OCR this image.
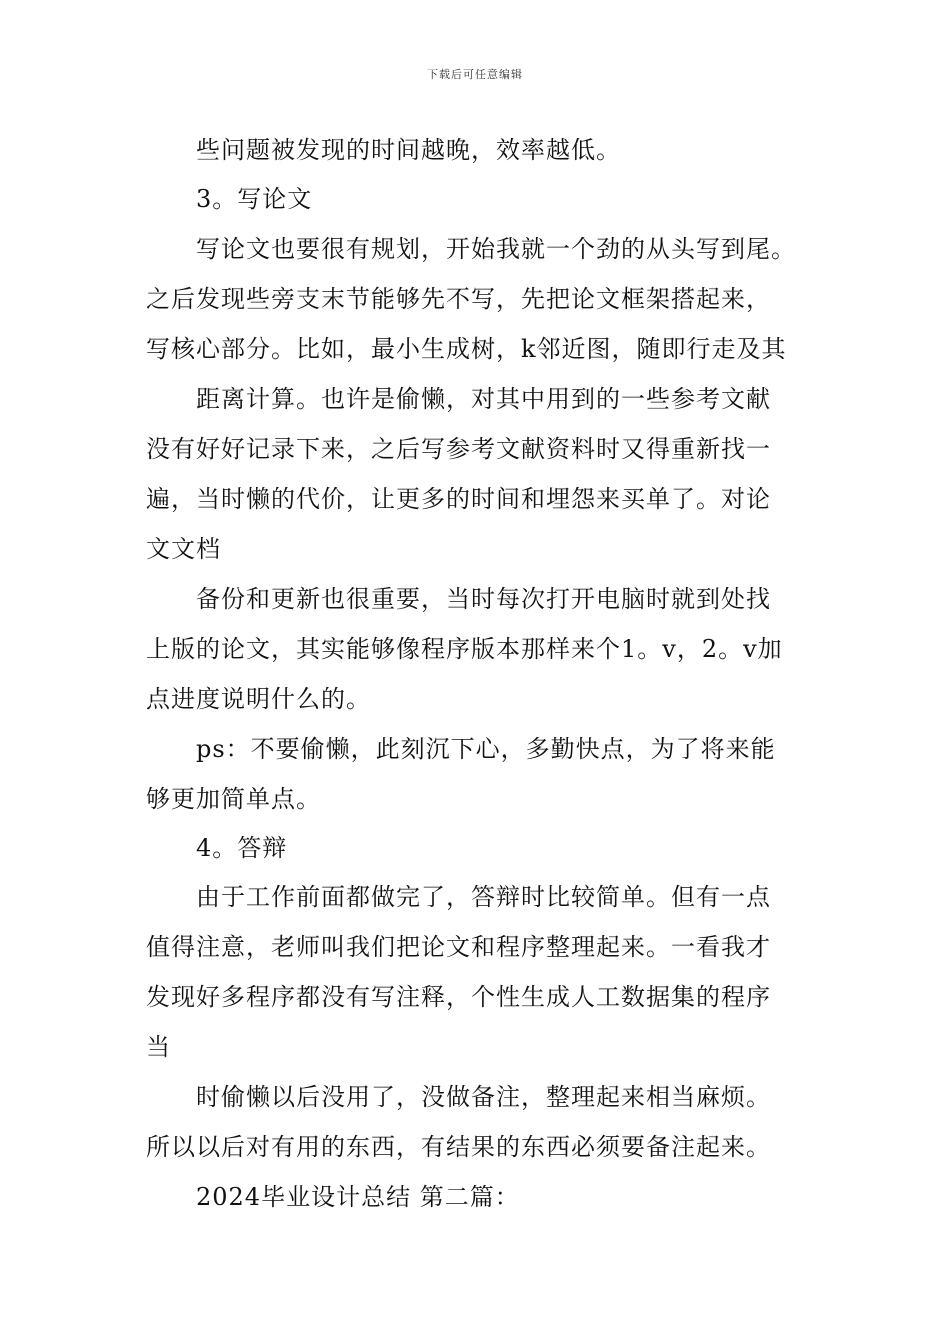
下载后可任意编辑
些问题被发现的时间越晚，效率越低。
3。写论文
写论文也要很有规划，开始我就一个劲的从头写到尾。
之后发现些旁支末节能够先不写，先把论文框架搭起来，
写核心部分。比如，最小生成树，k邻近图，随即行走及其
距离计算。也许是偷懒，对其中用到的一些参考文献
没有好好记录下来，之后写参考文献资料时又得重新找一
遍，当时懒的代价，让更多的时间和埋怨来买单了。对论
文文档
备份和更新也很重要，当时每次打开电脑时就到处找
上版的论文，其实能够像程序版本那样来个1。v，2。v加
点进度说明什么的。
ps：不要偷懒，此刻沉下心，多勤快点，为了将来能
够更加简单点。
4。答辩
由于工作前面都做完了，答辩时比较简单。但有一点
值得注意，老师叫我们把论文和程序整理起来。一看我才
发现好多程序都没有写注释，个性生成人工数据集的程序
当
时偷懒以后没用了，没做备注，整理起来相当麻烦。
所以以后对有用的东西，有结果的东西必须要备注起来。
2024毕业设计总结 第二篇：
